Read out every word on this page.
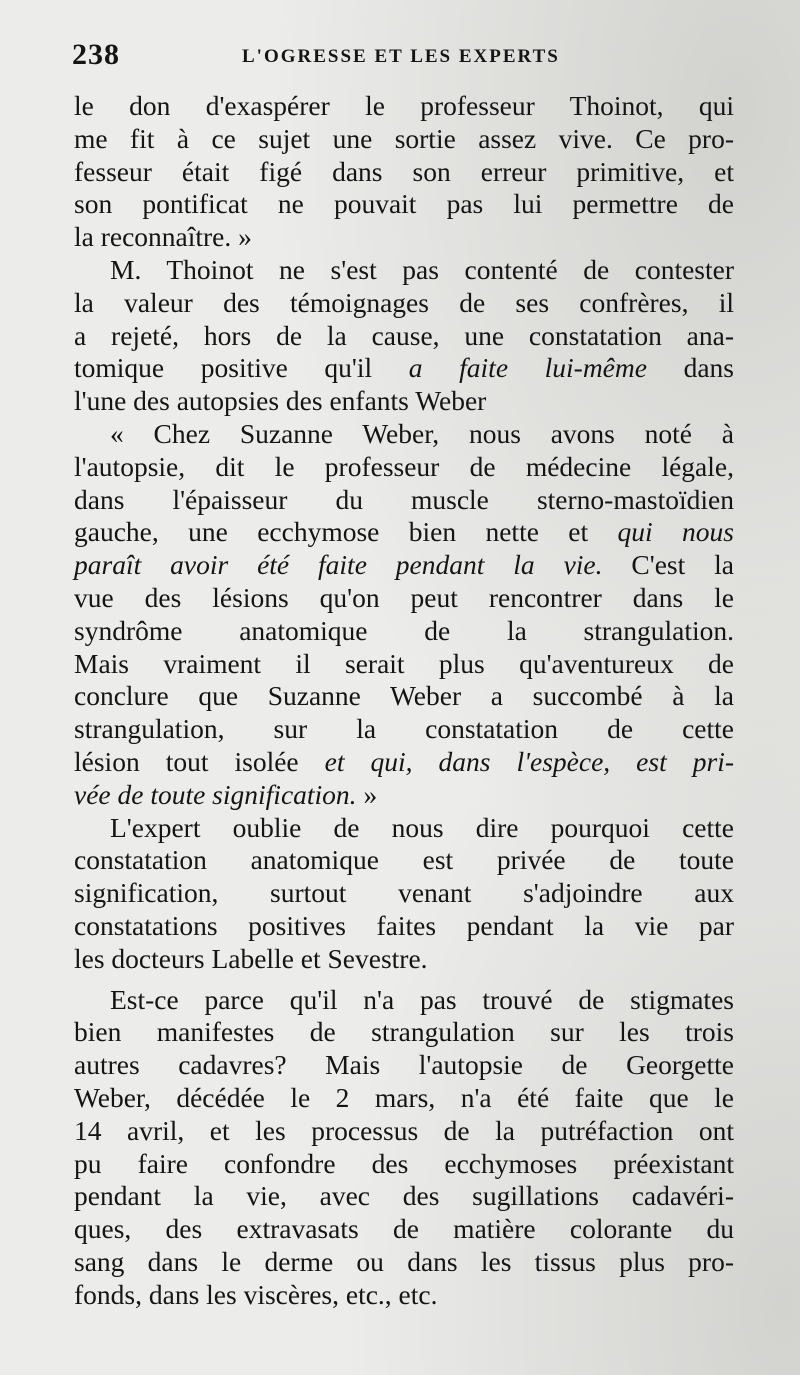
238	L'OGRESSE ET LES EXPERTS

le don d'exaspérer le professeur Thoinot, qui

me fit à ce sujet une sortie assez vive. Ce pro-

fesseur était figé dans son erreur primitive, et

son pontificat ne pouvait pas lui permettre de

la reconnaître. »

M. Thoinot ne s'est pas contenté de contester

la valeur des témoignages de ses confrères, il

a rejeté, hors de la cause, une constatation ana-

tomique positive qu'il a faite lui-même dans

l'une des autopsies des enfants Weber

« Chez Suzanne Weber, nous avons noté à

l'autopsie, dit le professeur de médecine légale,

dans l'épaisseur du muscle sterno-mastoïdien

gauche, une ecchymose bien nette et qui nous

paraît avoir été faite pendant la vie. C'est la

vue des lésions qu'on peut rencontrer dans le

syndrôme anatomique de la strangulation.

Mais vraiment il serait plus qu'aventureux de

conclure que Suzanne Weber a succombé à la

strangulation, sur la constatation de cette

lésion tout isolée et qui, dans l'espèce, est pri-

vée de toute signification. »

L'expert oublie de nous dire pourquoi cette

constatation anatomique est privée de toute

signification, surtout venant s'adjoindre aux

constatations positives faites pendant la vie par

les docteurs Labelle et Sevestre.

Est-ce parce qu'il n'a pas trouvé de stigmates

bien manifestes de strangulation sur les trois

autres cadavres? Mais l'autopsie de Georgette

Weber, décédée le 2 mars, n'a été faite que le

14 avril, et les processus de la putréfaction ont

pu faire confondre des ecchymoses préexistant

pendant la vie, avec des sugillations cadavéri-

ques, des extravasats de matière colorante du

sang dans le derme ou dans les tissus plus pro-

fonds, dans les viscères, etc., etc.
